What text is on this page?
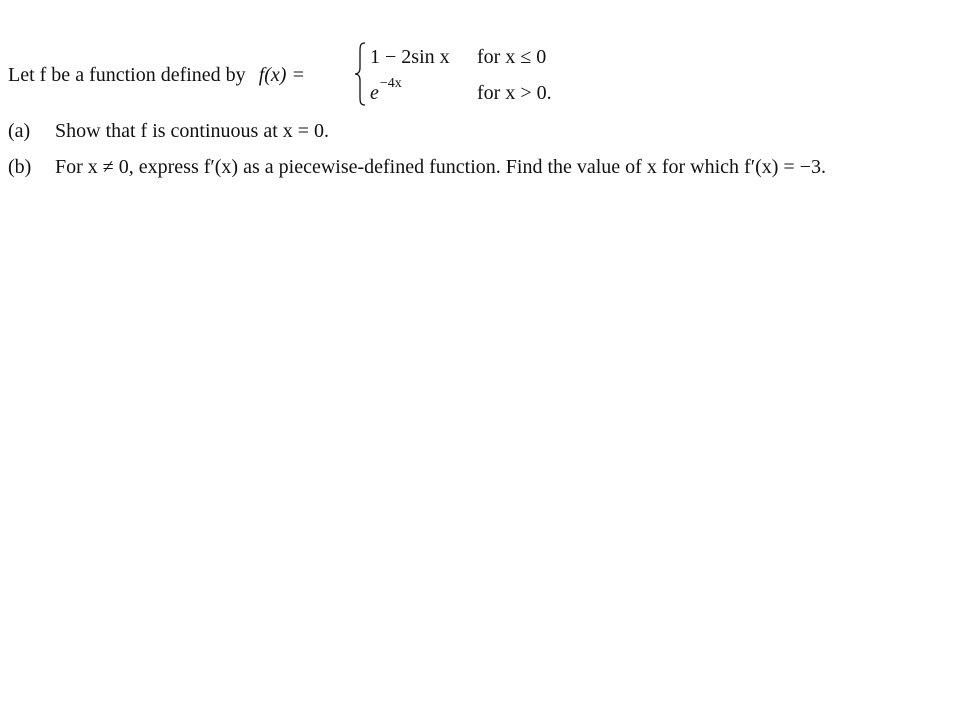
Let f be a function defined by f(x) =
1 − 2sin x for x ≤ 0
$e^{-4x}$	for x > 0.
(a) Show that f is continuous at x = 0.
(b) For x ≠ 0, express f′(x) as a piecewise-defined function. Find the value of x for which f′(x) = −3.
